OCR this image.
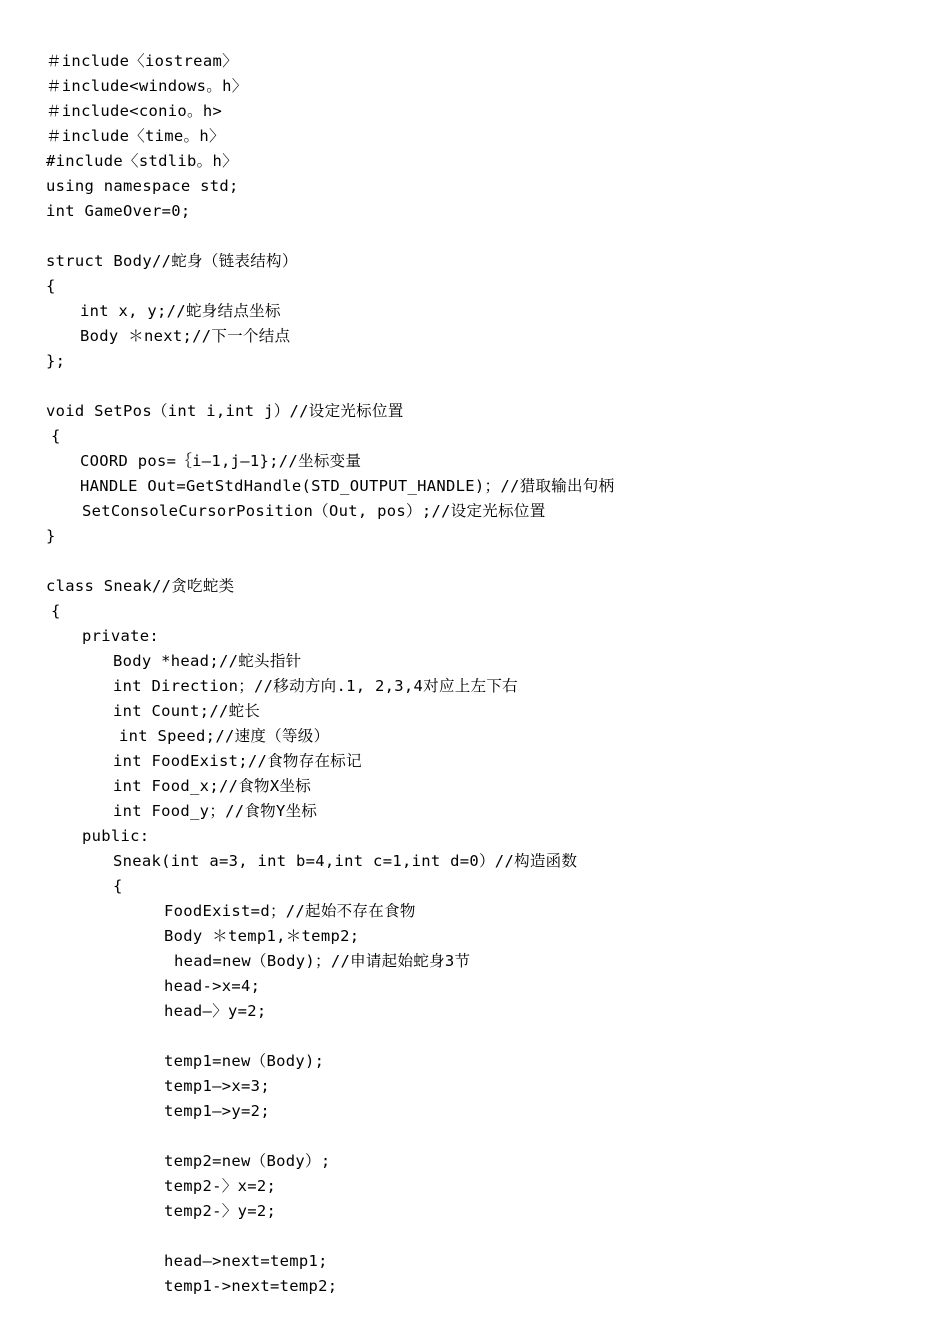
＃include〈iostream〉
＃include<windows。h〉
＃include<conio。h>
＃include〈time。h〉
#include〈stdlib。h〉
using namespace std;
int GameOver=0;
struct Body//蛇身（链表结构）
{
int x, y;//蛇身结点坐标
Body ＊next;//下一个结点
};
void SetPos（int i,int j）//设定光标位置
{
COORD pos=｛i—1,j—1};//坐标变量
HANDLE Out=GetStdHandle(STD_OUTPUT_HANDLE)；//猎取输出句柄
SetConsoleCursorPosition（Out, pos）;//设定光标位置
}
class Sneak//贪吃蛇类
{
private:
Body *head;//蛇头指针
int Direction；//移动方向.1, 2,3,4对应上左下右
int Count;//蛇长
int Speed;//速度（等级）
int FoodExist;//食物存在标记
int Food_x;//食物X坐标
int Food_y；//食物Y坐标
public:
Sneak(int a=3, int b=4,int c=1,int d=0）//构造函数
{
FoodExist=d；//起始不存在食物
Body ＊temp1,＊temp2;
head=new（Body)；//申请起始蛇身3节
head->x=4;
head—〉y=2;
temp1=new（Body);
temp1—>x=3;
temp1—>y=2;
temp2=new（Body）;
temp2-〉x=2;
temp2-〉y=2;
head—>next=temp1;
temp1->next=temp2;
